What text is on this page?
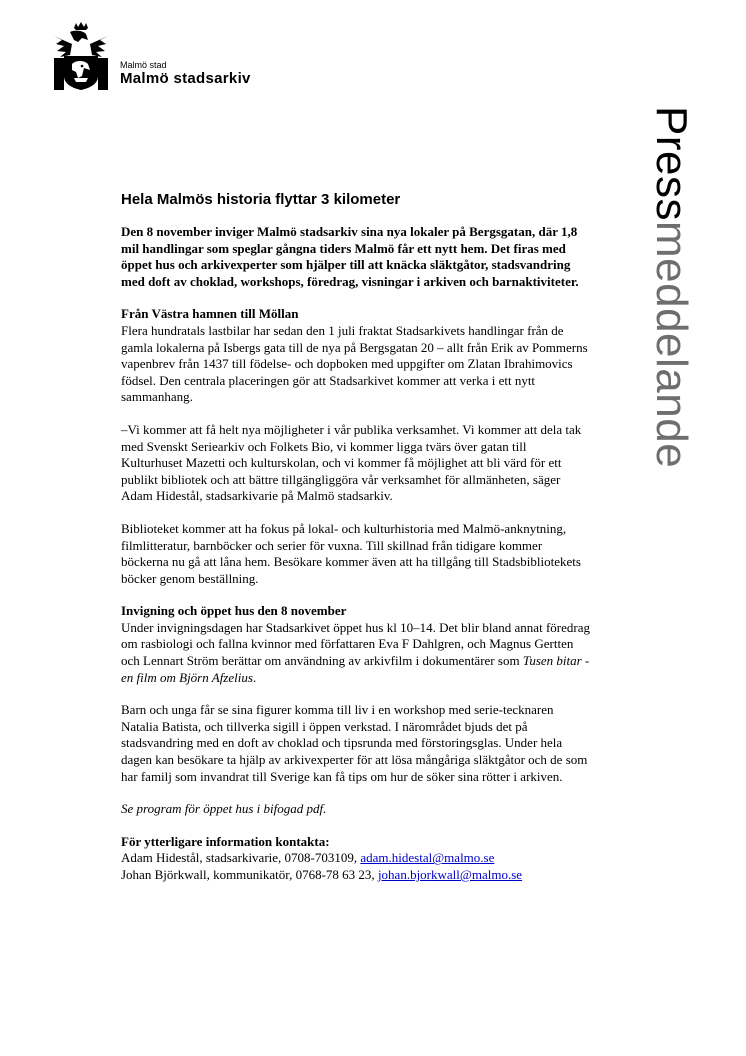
Malmö stad
Malmö stadsarkiv
Pressmeddelande
Hela Malmös historia flyttar 3 kilometer

Den 8 november inviger Malmö stadsarkiv sina nya lokaler på Bergsgatan, där 1,8 mil handlingar som speglar gångna tiders Malmö får ett nytt hem. Det firas med öppet hus och arkivexperter som hjälper till att knäcka släktgåtor, stadsvandring med doft av choklad, workshops, föredrag, visningar i arkiven och barnaktiviteter.

Från Västra hamnen till Möllan
Flera hundratals lastbilar har sedan den 1 juli fraktat Stadsarkivets handlingar från de gamla lokalerna på Isbergs gata till de nya på Bergsgatan 20 – allt från Erik av Pommerns vapenbrev från 1437 till födelse- och dopboken med uppgifter om Zlatan Ibrahimovics födsel. Den centrala placeringen gör att Stadsarkivet kommer att verka i ett nytt sammanhang.

–Vi kommer att få helt nya möjligheter i vår publika verksamhet. Vi kommer att dela tak med Svenskt Seriearkiv och Folkets Bio, vi kommer ligga tvärs över gatan till Kulturhuset Mazetti och kulturskolan, och vi kommer få möjlighet att bli värd för ett publikt bibliotek och att bättre tillgängliggöra vår verksamhet för allmänheten, säger Adam Hidestål, stadsarkivarie på Malmö stadsarkiv.

Biblioteket kommer att ha fokus på lokal- och kulturhistoria med Malmö-anknytning, filmlitteratur, barnböcker och serier för vuxna. Till skillnad från tidigare kommer böckerna nu gå att låna hem. Besökare kommer även att ha tillgång till Stadsbibliotekets böcker genom beställning.

Invigning och öppet hus den 8 november
Under invigningsdagen har Stadsarkivet öppet hus kl 10–14. Det blir bland annat föredrag om rasbiologi och fallna kvinnor med författaren Eva F Dahlgren, och Magnus Gertten och Lennart Ström berättar om användning av arkivfilm i dokumentärer som Tusen bitar - en film om Björn Afzelius.

Barn och unga får se sina figurer komma till liv i en workshop med serie-tecknaren Natalia Batista, och tillverka sigill i öppen verkstad. I närområdet bjuds det på stadsvandring med en doft av choklad och tipsrunda med förstoringsglas. Under hela dagen kan besökare ta hjälp av arkivexperter för att lösa mångåriga släktgåtor och de som har familj som invandrat till Sverige kan få tips om hur de söker sina rötter i arkiven.

Se program för öppet hus i bifogad pdf.

För ytterligare information kontakta:
Adam Hidestål, stadsarkivarie, 0708-703109, adam.hidestal@malmo.se
Johan Björkwall, kommunikatör, 0768-78 63 23, johan.bjorkwall@malmo.se
